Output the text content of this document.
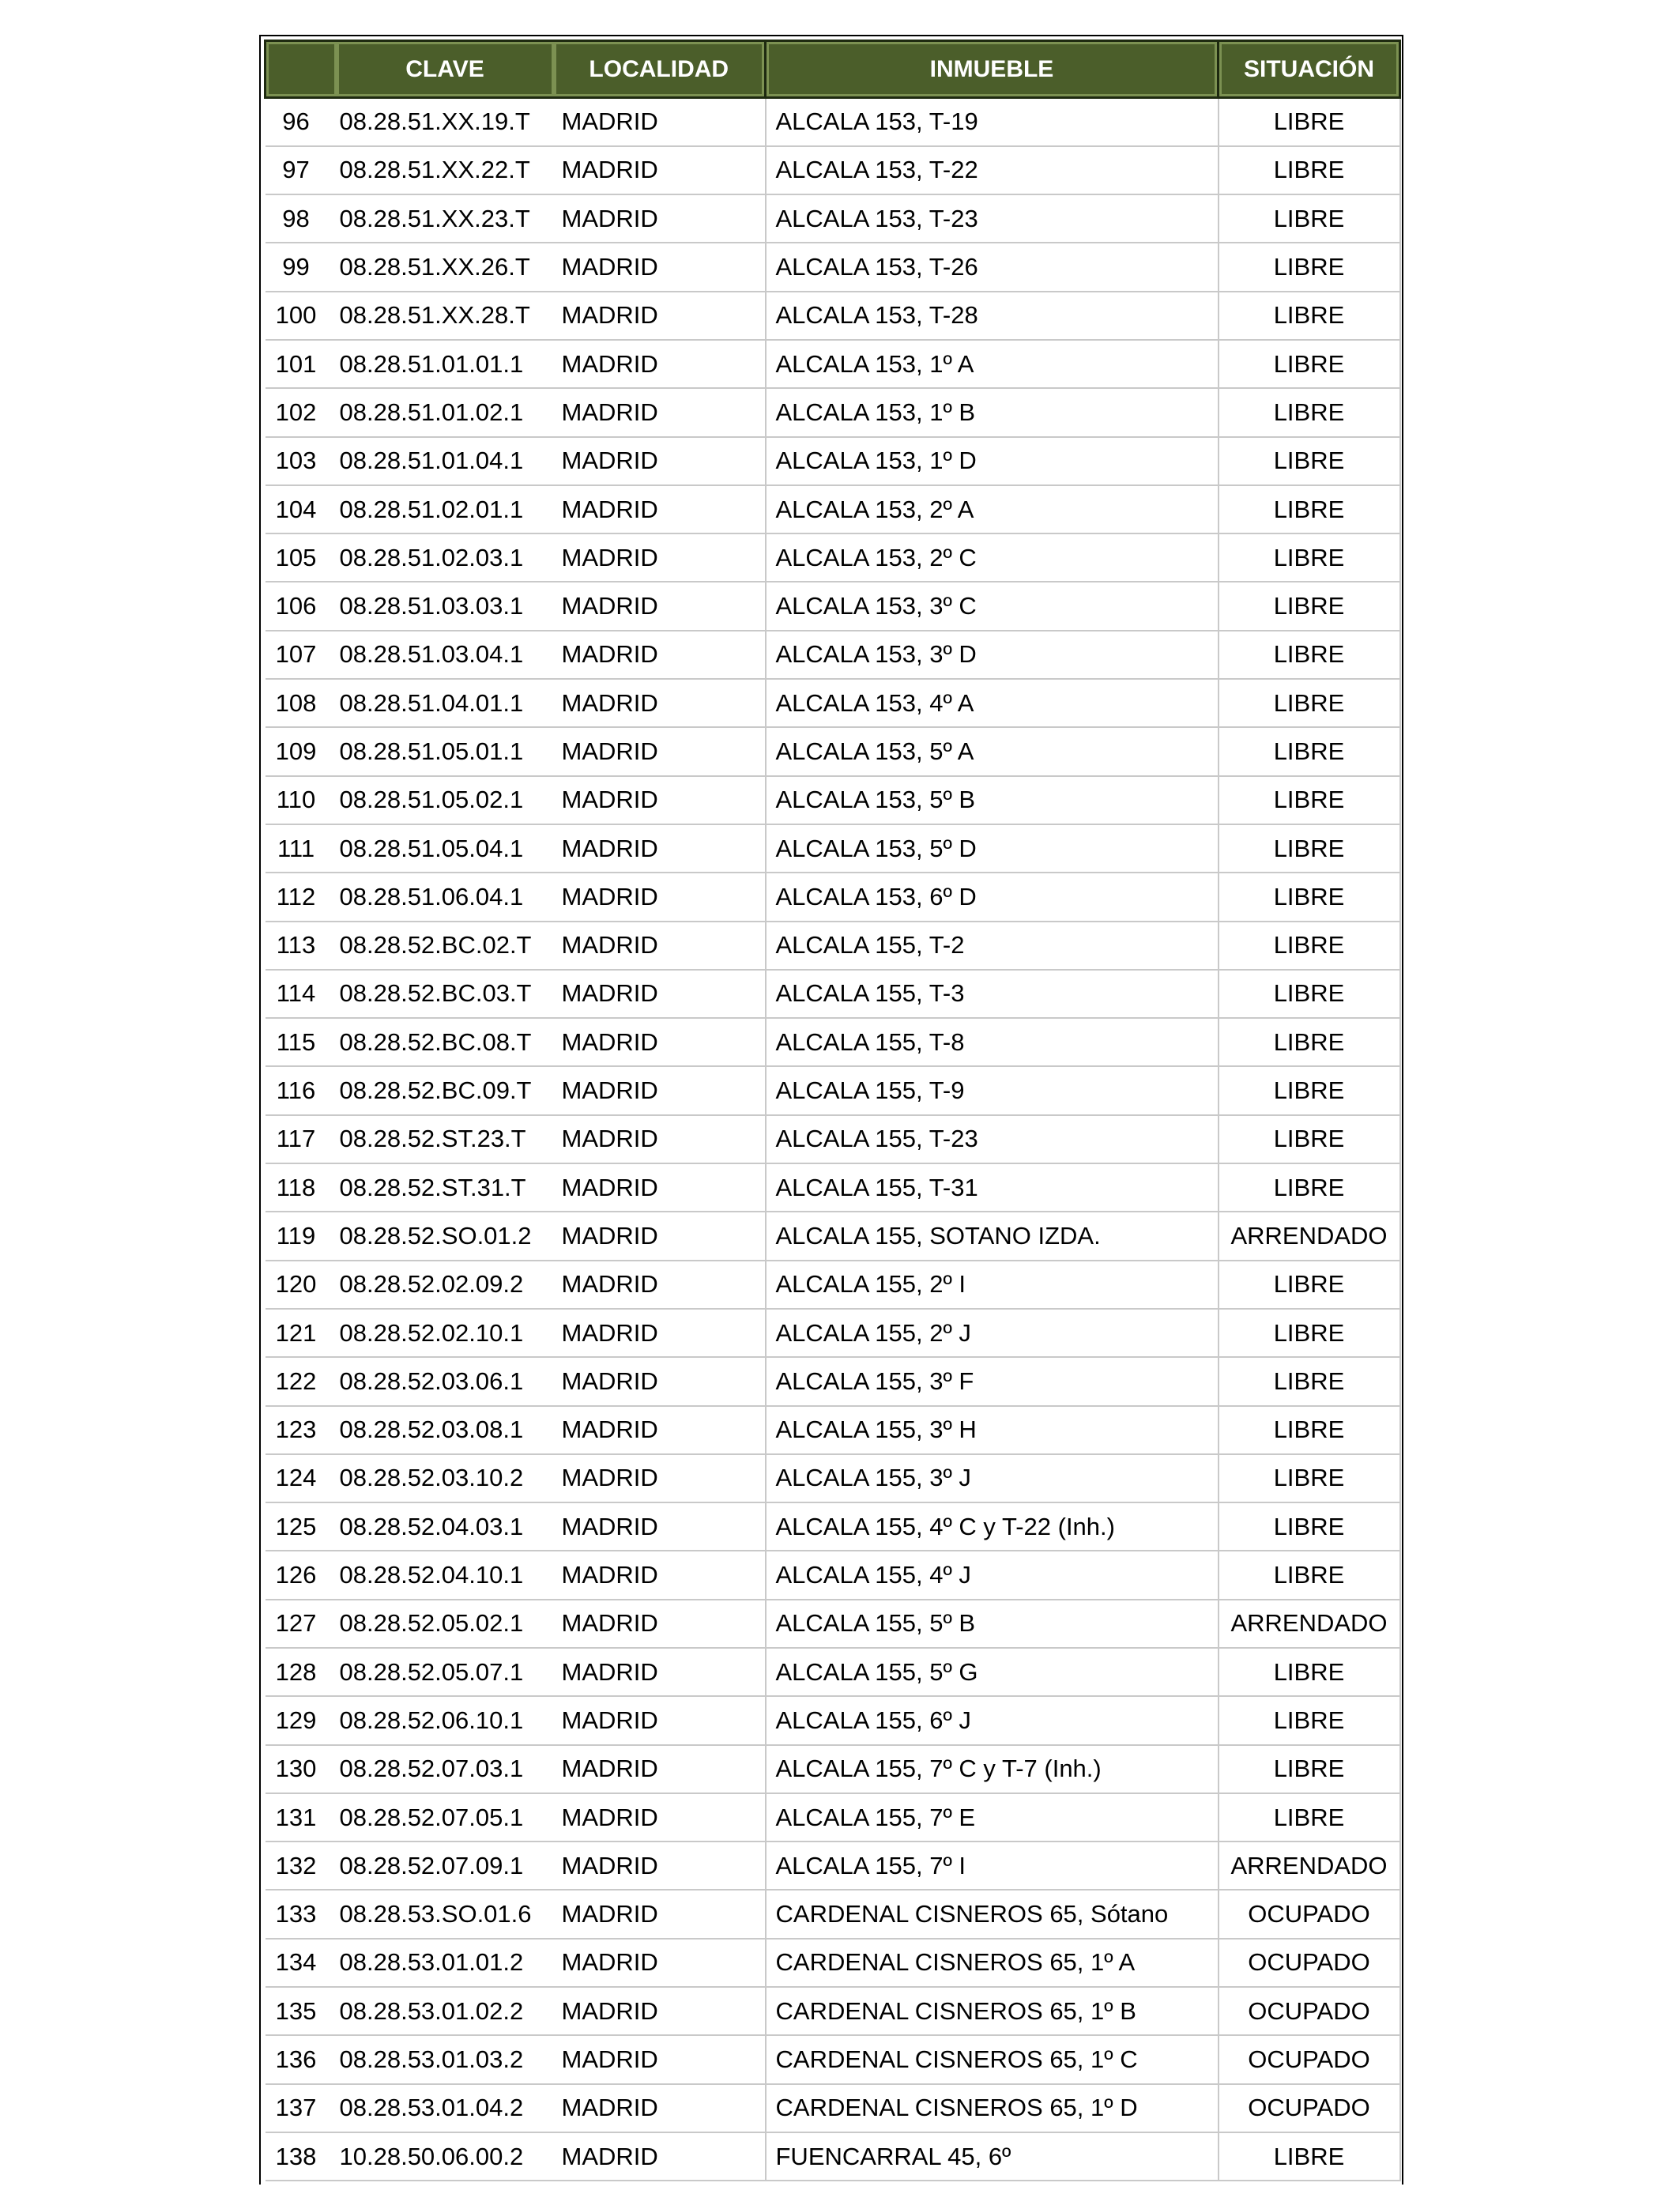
	CLAVE	LOCALIDAD	INMUEBLE	SITUACIÓN
96	08.28.51.XX.19.T	MADRID	ALCALA 153, T-19	LIBRE
97	08.28.51.XX.22.T	MADRID	ALCALA 153, T-22	LIBRE
98	08.28.51.XX.23.T	MADRID	ALCALA 153, T-23	LIBRE
99	08.28.51.XX.26.T	MADRID	ALCALA 153, T-26	LIBRE
100	08.28.51.XX.28.T	MADRID	ALCALA 153, T-28	LIBRE
101	08.28.51.01.01.1	MADRID	ALCALA 153, 1º A	LIBRE
102	08.28.51.01.02.1	MADRID	ALCALA 153, 1º B	LIBRE
103	08.28.51.01.04.1	MADRID	ALCALA 153, 1º D	LIBRE
104	08.28.51.02.01.1	MADRID	ALCALA 153, 2º A	LIBRE
105	08.28.51.02.03.1	MADRID	ALCALA 153, 2º C	LIBRE
106	08.28.51.03.03.1	MADRID	ALCALA 153, 3º C	LIBRE
107	08.28.51.03.04.1	MADRID	ALCALA 153, 3º D	LIBRE
108	08.28.51.04.01.1	MADRID	ALCALA 153, 4º A	LIBRE
109	08.28.51.05.01.1	MADRID	ALCALA 153, 5º A	LIBRE
110	08.28.51.05.02.1	MADRID	ALCALA 153, 5º B	LIBRE
111	08.28.51.05.04.1	MADRID	ALCALA 153, 5º D	LIBRE
112	08.28.51.06.04.1	MADRID	ALCALA 153, 6º D	LIBRE
113	08.28.52.BC.02.T	MADRID	ALCALA 155, T-2	LIBRE
114	08.28.52.BC.03.T	MADRID	ALCALA 155, T-3	LIBRE
115	08.28.52.BC.08.T	MADRID	ALCALA 155, T-8	LIBRE
116	08.28.52.BC.09.T	MADRID	ALCALA 155, T-9	LIBRE
117	08.28.52.ST.23.T	MADRID	ALCALA 155, T-23	LIBRE
118	08.28.52.ST.31.T	MADRID	ALCALA 155, T-31	LIBRE
119	08.28.52.SO.01.2	MADRID	ALCALA 155, SOTANO IZDA.	ARRENDADO
120	08.28.52.02.09.2	MADRID	ALCALA 155, 2º I	LIBRE
121	08.28.52.02.10.1	MADRID	ALCALA 155, 2º J	LIBRE
122	08.28.52.03.06.1	MADRID	ALCALA 155, 3º F	LIBRE
123	08.28.52.03.08.1	MADRID	ALCALA 155, 3º H	LIBRE
124	08.28.52.03.10.2	MADRID	ALCALA 155, 3º J	LIBRE
125	08.28.52.04.03.1	MADRID	ALCALA 155, 4º C y T-22 (Inh.)	LIBRE
126	08.28.52.04.10.1	MADRID	ALCALA 155, 4º J	LIBRE
127	08.28.52.05.02.1	MADRID	ALCALA 155, 5º B	ARRENDADO
128	08.28.52.05.07.1	MADRID	ALCALA 155, 5º G	LIBRE
129	08.28.52.06.10.1	MADRID	ALCALA 155, 6º J	LIBRE
130	08.28.52.07.03.1	MADRID	ALCALA 155, 7º C y T-7 (Inh.)	LIBRE
131	08.28.52.07.05.1	MADRID	ALCALA 155, 7º E	LIBRE
132	08.28.52.07.09.1	MADRID	ALCALA 155, 7º I	ARRENDADO
133	08.28.53.SO.01.6	MADRID	CARDENAL CISNEROS 65, Sótano	OCUPADO
134	08.28.53.01.01.2	MADRID	CARDENAL CISNEROS 65, 1º A	OCUPADO
135	08.28.53.01.02.2	MADRID	CARDENAL CISNEROS 65, 1º B	OCUPADO
136	08.28.53.01.03.2	MADRID	CARDENAL CISNEROS 65, 1º C	OCUPADO
137	08.28.53.01.04.2	MADRID	CARDENAL CISNEROS 65, 1º D	OCUPADO
138	10.28.50.06.00.2	MADRID	FUENCARRAL 45, 6º	LIBRE
